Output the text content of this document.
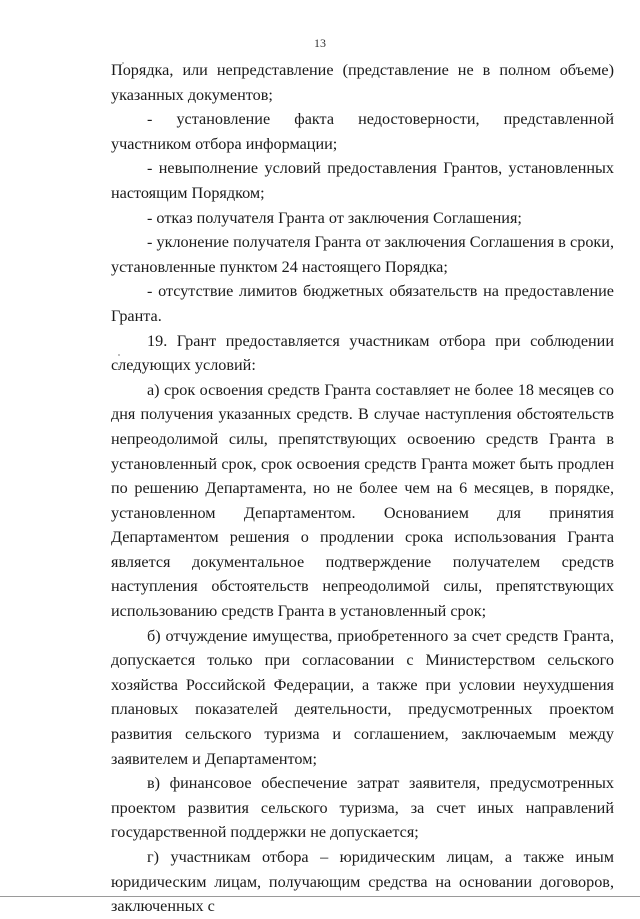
13

Порядка, или непредставление (представление не в полном объеме) указанных документов;

- установление факта недостоверности, представленной участником отбора информации;

- невыполнение условий предоставления Грантов, установленных настоящим Порядком;

- отказ получателя Гранта от заключения Соглашения;

- уклонение получателя Гранта от заключения Соглашения в сроки, установленные пунктом 24 настоящего Порядка;

- отсутствие лимитов бюджетных обязательств на предоставление Гранта.

19. Грант предоставляется участникам отбора при соблюдении следующих условий:

а) срок освоения средств Гранта составляет не более 18 месяцев со дня получения указанных средств. В случае наступления обстоятельств непреодолимой силы, препятствующих освоению средств Гранта в установленный срок, срок освоения средств Гранта может быть продлен по решению Департамента, но не более чем на 6 месяцев, в порядке, установленном Департаментом. Основанием для принятия Департаментом решения о продлении срока использования Гранта является документальное подтверждение получателем средств наступления обстоятельств непреодолимой силы, препятствующих использованию средств Гранта в установленный срок;

б) отчуждение имущества, приобретенного за счет средств Гранта, допускается только при согласовании с Министерством сельского хозяйства Российской Федерации, а также при условии неухудшения плановых показателей деятельности, предусмотренных проектом развития сельского туризма и соглашением, заключаемым между заявителем и Департаментом;

в) финансовое обеспечение затрат заявителя, предусмотренных проектом развития сельского туризма, за счет иных направлений государственной поддержки не допускается;

г) участникам отбора – юридическим лицам, а также иным юридическим лицам, получающим средства на основании договоров, заключенных с
